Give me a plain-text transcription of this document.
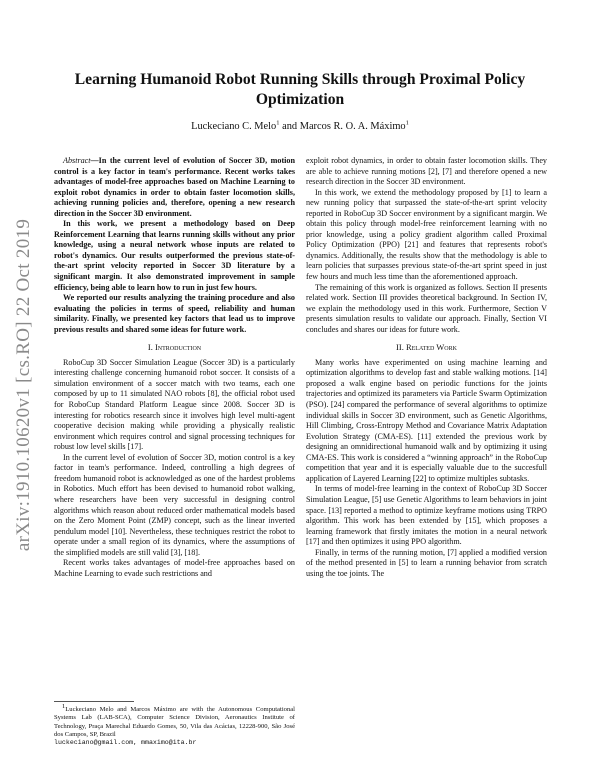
arXiv:1910.10620v1 [cs.RO] 22 Oct 2019
Learning Humanoid Robot Running Skills through Proximal Policy Optimization
Luckeciano C. Melo$^1$ and Marcos R. O. A. Máximo$^1$

Abstract—In the current level of evolution of Soccer 3D, motion control is a key factor in team's performance. Recent works takes advantages of model-free approaches based on Machine Learning to exploit robot dynamics in order to obtain faster locomotion skills, achieving running policies and, therefore, opening a new research direction in the Soccer 3D environment.

In this work, we present a methodology based on Deep Reinforcement Learning that learns running skills without any prior knowledge, using a neural network whose inputs are related to robot's dynamics. Our results outperformed the previous state-of-the-art sprint velocity reported in Soccer 3D literature by a significant margin. It also demonstrated improvement in sample efficiency, being able to learn how to run in just few hours.

We reported our results analyzing the training procedure and also evaluating the policies in terms of speed, reliability and human similarity. Finally, we presented key factors that lead us to improve previous results and shared some ideas for future work.

I. Introduction

RoboCup 3D Soccer Simulation League (Soccer 3D) is a particularly interesting challenge concerning humanoid robot soccer. It consists of a simulation environment of a soccer match with two teams, each one composed by up to 11 simulated NAO robots [8], the official robot used for RoboCup Standard Platform League since 2008. Soccer 3D is interesting for robotics research since it involves high level multi-agent cooperative decision making while providing a physically realistic environment which requires control and signal processing techniques for robust low level skills [17].

In the current level of evolution of Soccer 3D, motion control is a key factor in team's performance. Indeed, controlling a high degrees of freedom humanoid robot is acknowledged as one of the hardest problems in Robotics. Much effort has been devised to humanoid robot walking, where researchers have been very successful in designing control algorithms which reason about reduced order mathematical models based on the Zero Moment Point (ZMP) concept, such as the linear inverted pendulum model [10]. Nevertheless, these techniques restrict the robot to operate under a small region of its dynamics, where the assumptions of the simplified models are still valid [3], [18].

Recent works takes advantages of model-free approaches based on Machine Learning to evade such restrictions and

$^1$Luckeciano Melo and Marcos Máximo are with the Autonomous Computational Systems Lab (LAB-SCA), Computer Science Division, Aeronautics Institute of Technology, Praça Marechal Eduardo Gomes, 50, Vila das Acácias, 12228-900, São José dos Campos, SP, Brazil

luckeciano@gmail.com, mmaximo@ita.br

exploit robot dynamics, in order to obtain faster locomotion skills. They are able to achieve running motions [2], [7] and therefore opened a new research direction in the Soccer 3D environment.

In this work, we extend the methodology proposed by [1] to learn a new running policy that surpassed the state-of-the-art sprint velocity reported in RoboCup 3D Soccer environment by a significant margin. We obtain this policy through model-free reinforcement learning with no prior knowledge, using a policy gradient algorithm called Proximal Policy Optimization (PPO) [21] and features that represents robot's dynamics. Additionally, the results show that the methodology is able to learn policies that surpasses previous state-of-the-art sprint speed in just few hours and much less time than the aforementioned approach.

The remaining of this work is organized as follows. Section II presents related work. Section III provides theoretical background. In Section IV, we explain the methodology used in this work. Furthermore, Section V presents simulation results to validate our approach. Finally, Section VI concludes and shares our ideas for future work.

II. Related Work

Many works have experimented on using machine learning and optimization algorithms to develop fast and stable walking motions. [14] proposed a walk engine based on periodic functions for the joints trajectories and optimized its parameters via Particle Swarm Optimization (PSO). [24] compared the performance of several algorithms to optimize individual skills in Soccer 3D environment, such as Genetic Algorithms, Hill Climbing, Cross-Entropy Method and Covariance Matrix Adaptation Evolution Strategy (CMA-ES). [11] extended the previous work by designing an omnidirectional humanoid walk and by optimizing it using CMA-ES. This work is considered a “winning approach” in the RoboCup competition that year and it is especially valuable due to the succesfull application of Layered Learning [22] to optimize multiples subtasks.

In terms of model-free learning in the context of RoboCup 3D Soccer Simulation League, [5] use Genetic Algorithms to learn behaviors in joint space. [13] reported a method to optimize keyframe motions using TRPO algorithm. This work has been extended by [15], which proposes a learning framework that firstly imitates the motion in a neural network [17] and then optimizes it using PPO algorithm.

Finally, in terms of the running motion, [7] applied a modified version of the method presented in [5] to learn a running behavior from scratch using the toe joints. The
